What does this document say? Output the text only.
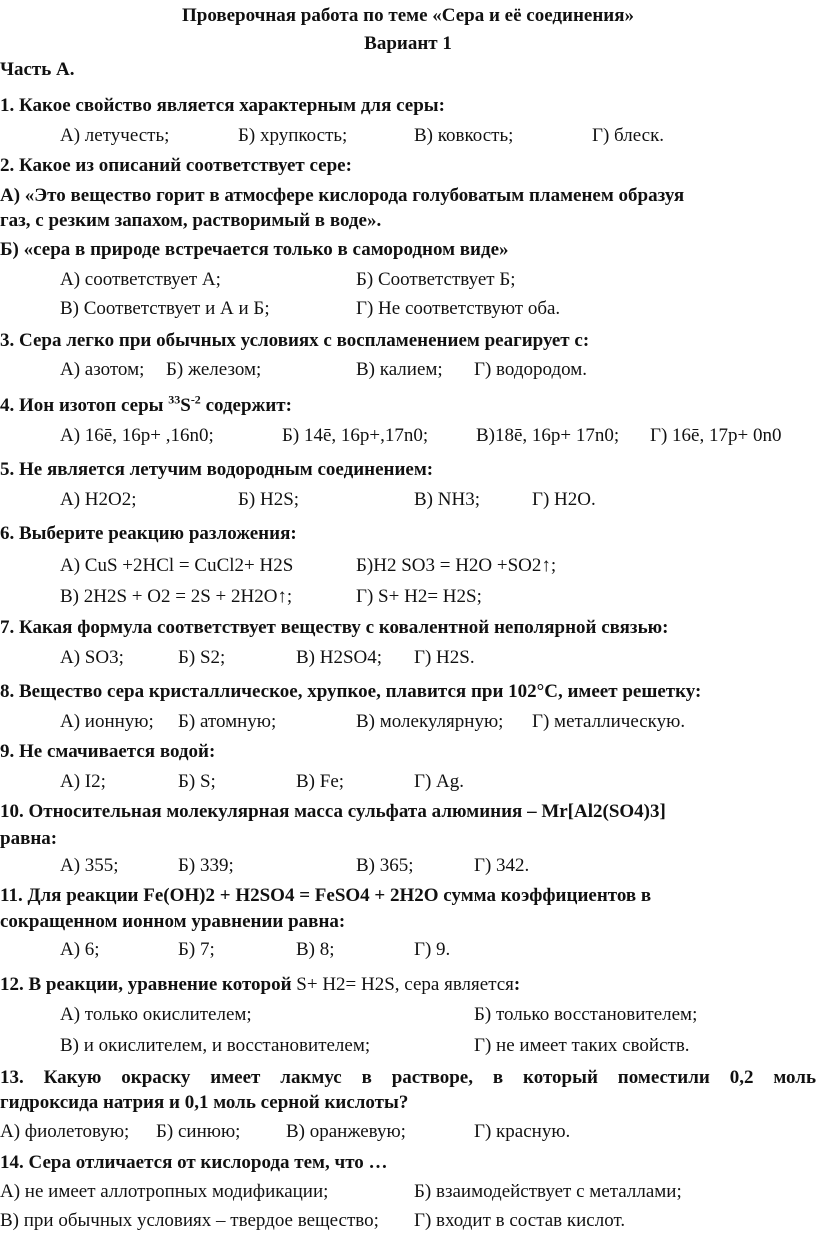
Проверочная работа по теме «Сера и её соединения»
Вариант 1
Часть А.
1. Какое свойство является характерным для серы:
А) летучесть;	Б) хрупкость;	В) ковкость;	Г) блеск.
2. Какое из описаний соответствует сере:
А) «Это вещество горит в атмосфере кислорода голубоватым пламенем образуя
газ, с резким запахом, растворимый в воде».
Б) «сера в природе встречается только в самородном виде»
А) соответствует А;	Б) Соответствует Б;
В) Соответствует и А и Б;	Г) Не соответствуют оба.
3. Сера легко при обычных условиях с воспламенением реагирует с:
А) азотом; Б) железом;	В) калием; Г) водородом.
4. Ион изотоп серы $^{33}S^{-2}$ содержит:
А) 16ē, 16p+ ,16n0;	Б) 14ē, 16p+,17n0;	В)18ē, 16p+ 17n0; Г) 16ē, 17p+ 0n0
5. Не является летучим водородным соединением:
А) H2O2;	Б) H2S;	В) NH3;	Г) H2O.
6. Выберите реакцию разложения:
А) CuS +2HCl = CuCl2+ H2S	Б)H2 SO3 = H2O +SO2↑;
В) 2H2S + O2 = 2S + 2H2O↑;	Г) S+ H2= H2S;
7. Какая формула соответствует веществу с ковалентной неполярной связью:
А) SO3;	Б) S2;	В) H2SO4; Г) H2S.
8. Вещество сера кристаллическое, хрупкое, плавится при 102°С, имеет решетку:
А) ионную; Б) атомную;	В) молекулярную; Г) металлическую.
9. Не смачивается водой:
А) I2;	Б) S;	В) Fe;	Г) Ag.
10. Относительная молекулярная масса сульфата алюминия – Mr[Al2(SO4)3]
равна:
А) 355;	Б) 339;	В) 365;	Г) 342.
11. Для реакции Fe(OH)2 + H2SO4 = FeSO4 + 2H2O сумма коэффициентов в
сокращенном ионном уравнении равна:
А) 6;	Б) 7;	В) 8;	Г) 9.
12. В реакции, уравнение которой S+ H2= H2S, сера является:
А) только окислителем;	Б) только восстановителем;
В) и окислителем, и восстановителем;	Г) не имеет таких свойств.
13. Какую окраску имеет лакмус в растворе, в который поместили 0,2 моль
гидроксида натрия и 0,1 моль серной кислоты?
А) фиолетовую; Б) синюю; В) оранжевую;	Г) красную.
14. Сера отличается от кислорода тем, что …
А) не имеет аллотропных модификации;	Б) взаимодействует с металлами;
В) при обычных условиях – твердое вещество; Г) входит в состав кислот.
